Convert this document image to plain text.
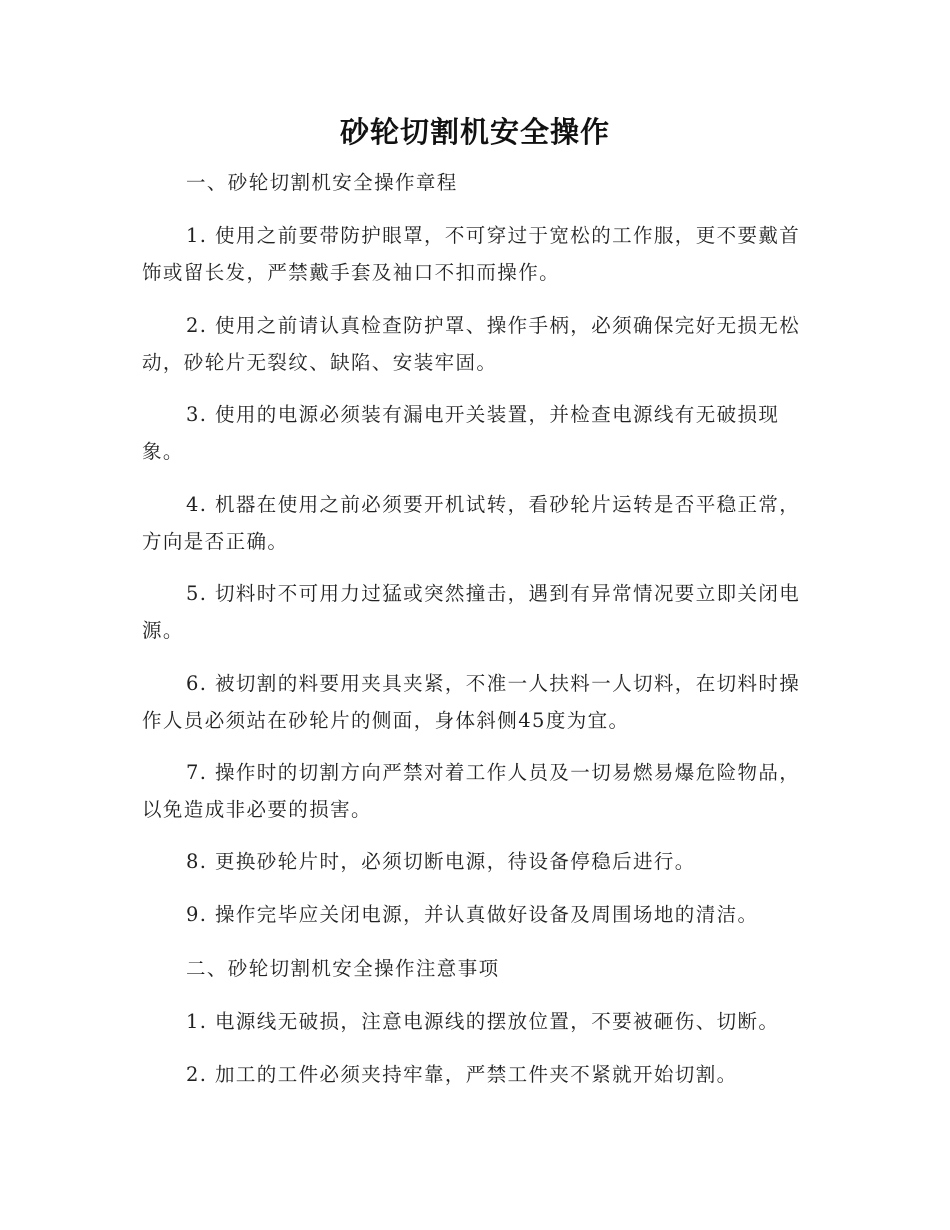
砂轮切割机安全操作

一、砂轮切割机安全操作章程

1. 使用之前要带防护眼罩，不可穿过于宽松的工作服，更不要戴首饰或留长发，严禁戴手套及袖口不扣而操作。

2. 使用之前请认真检查防护罩、操作手柄，必须确保完好无损无松动，砂轮片无裂纹、缺陷、安装牢固。

3. 使用的电源必须装有漏电开关装置，并检查电源线有无破损现象。

4. 机器在使用之前必须要开机试转，看砂轮片运转是否平稳正常，方向是否正确。

5. 切料时不可用力过猛或突然撞击，遇到有异常情况要立即关闭电源。

6. 被切割的料要用夹具夹紧，不准一人扶料一人切料，在切料时操作人员必须站在砂轮片的侧面，身体斜侧45度为宜。

7. 操作时的切割方向严禁对着工作人员及一切易燃易爆危险物品，以免造成非必要的损害。

8. 更换砂轮片时，必须切断电源，待设备停稳后进行。

9. 操作完毕应关闭电源，并认真做好设备及周围场地的清洁。

二、砂轮切割机安全操作注意事项

1. 电源线无破损，注意电源线的摆放位置，不要被砸伤、切断。

2. 加工的工件必须夹持牢靠，严禁工件夹不紧就开始切割。
